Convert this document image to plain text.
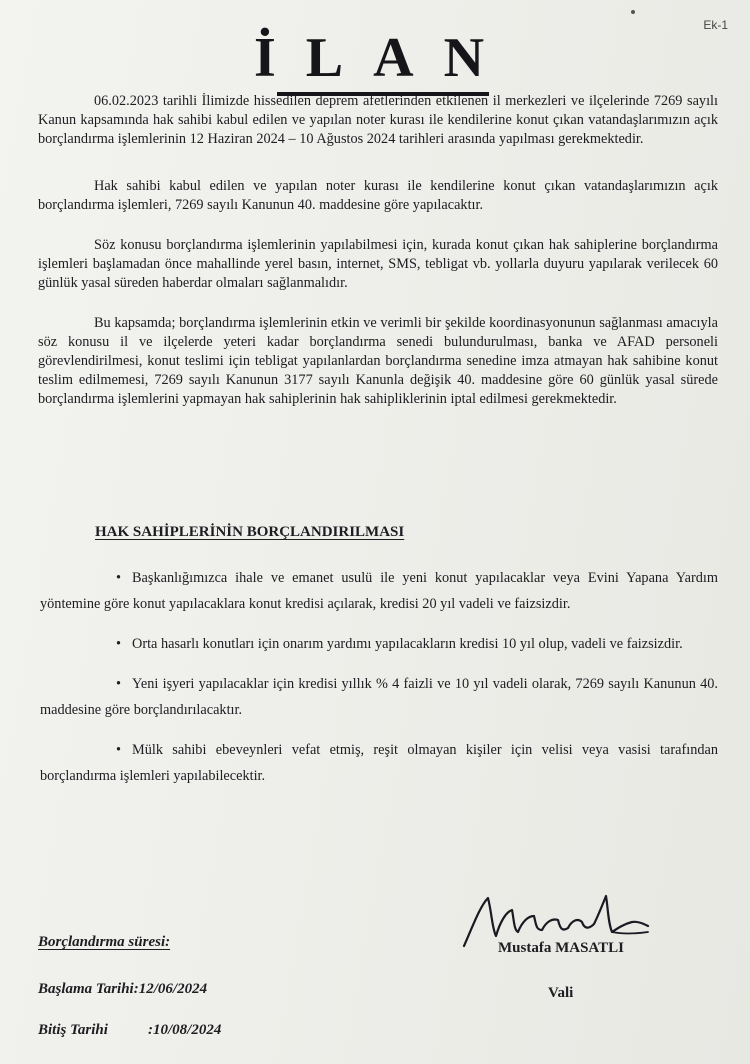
Ek-1
İLAN

06.02.2023 tarihli İlimizde hissedilen deprem afetlerinden etkilenen il merkezleri ve ilçelerinde 7269 sayılı Kanun kapsamında hak sahibi kabul edilen ve yapılan noter kurası ile kendilerine konut çıkan vatandaşlarımızın açık borçlandırma işlemlerinin 12 Haziran 2024 – 10 Ağustos 2024 tarihleri arasında yapılması gerekmektedir.

Hak sahibi kabul edilen ve yapılan noter kurası ile kendilerine konut çıkan vatandaşlarımızın açık borçlandırma işlemleri, 7269 sayılı Kanunun 40. maddesine göre yapılacaktır.

Söz konusu borçlandırma işlemlerinin yapılabilmesi için, kurada konut çıkan hak sahiplerine borçlandırma işlemleri başlamadan önce mahallinde yerel basın, internet, SMS, tebligat vb. yollarla duyuru yapılarak verilecek 60 günlük yasal süreden haberdar olmaları sağlanmalıdır.

Bu kapsamda; borçlandırma işlemlerinin etkin ve verimli bir şekilde koordinasyonunun sağlanması amacıyla söz konusu il ve ilçelerde yeteri kadar borçlandırma senedi bulundurulması, banka ve AFAD personeli görevlendirilmesi, konut teslimi için tebligat yapılanlardan borçlandırma senedine imza atmayan hak sahibine konut teslim edilmemesi, 7269 sayılı Kanunun 3177 sayılı Kanunla değişik 40. maddesine göre 60 günlük yasal sürede borçlandırma işlemlerini yapmayan hak sahiplerinin hak sahipliklerinin iptal edilmesi gerekmektedir.

HAK SAHİPLERİNİN BORÇLANDIRILMASI

• Başkanlığımızca ihale ve emanet usulü ile yeni konut yapılacaklar veya Evini Yapana Yardım yöntemine göre konut yapılacaklara konut kredisi açılarak, kredisi 20 yıl vadeli ve faizsizdir.

• Orta hasarlı konutları için onarım yardımı yapılacakların kredisi 10 yıl olup, vadeli ve faizsizdir.

• Yeni işyeri yapılacaklar için kredisi yıllık % 4 faizli ve 10 yıl vadeli olarak, 7269 sayılı Kanunun 40. maddesine göre borçlandırılacaktır.

• Mülk sahibi ebeveynleri vefat etmiş, reşit olmayan kişiler için velisi veya vasisi tarafından borçlandırma işlemleri yapılabilecektir.

Mustafa MASATLI
Vali
Borçlandırma süresi:
Başlama Tarihi:12/06/2024
Bitiş Tarihi	:10/08/2024
